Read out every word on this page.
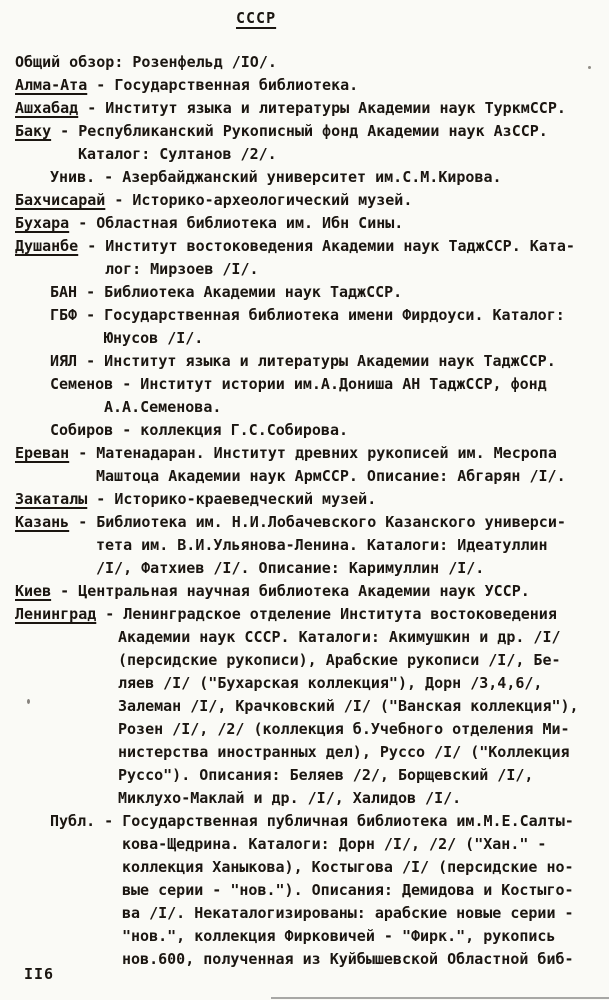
СССР
Общий обзор: Розенфельд /IO/.
Алма-Ата - Государственная библиотека.
Ашхабад - Институт языка и литературы Академии наук ТуркмССР.
Баку - Республиканский Рукописный фонд Академии наук АзССР.
Каталог: Султанов /2/.
Унив. - Азербайджанский университет им.С.М.Кирова.
Бахчисарай - Историко-археологический музей.
Бухара - Областная библиотека им. Ибн Сины.
Душанбе - Институт востоковедения Академии наук ТаджССР. Ката-
лог: Мирзоев /I/.
БАН - Библиотека Академии наук ТаджССР.
ГБФ - Государственная библиотека имени Фирдоуси. Каталог:
Юнусов /I/.
ИЯЛ - Институт языка и литературы Академии наук ТаджССР.
Семенов - Институт истории им.А.Дониша АН ТаджССР, фонд
А.А.Семенова.
Собиров - коллекция Г.С.Собирова.
Ереван - Матенадаран. Институт древних рукописей им. Месропа
Маштоца Академии наук АрмССР. Описание: Абгарян /I/.
Закаталы - Историко-краеведческий музей.
Казань - Библиотека им. Н.И.Лобачевского Казанского универси-
тета им. В.И.Ульянова-Ленина. Каталоги: Идеатуллин
/I/, Фатхиев /I/. Описание: Каримуллин /I/.
Киев - Центральная научная библиотека Академии наук УССР.
Ленинград - Ленинградское отделение Института востоковедения
Академии наук СССР. Каталоги: Акимушкин и др. /I/
(персидские рукописи), Арабские рукописи /I/, Бе-
ляев /I/ ("Бухарская коллекция"), Дорн /3,4,6/,
Залеман /I/, Крачковский /I/ ("Ванская коллекция"),
Розен /I/, /2/ (коллекция б.Учебного отделения Ми-
нистерства иностранных дел), Руссо /I/ ("Коллекция
Руссо"). Описания: Беляев /2/, Борщевский /I/,
Миклухо-Маклай и др. /I/, Халидов /I/.
Публ. - Государственная публичная библиотека им.М.Е.Салты-
кова-Щедрина. Каталоги: Дорн /I/, /2/ ("Хан." -
коллекция Ханыкова), Костыгова /I/ (персидские но-
вые серии - "нов."). Описания: Демидова и Костыго-
ва /I/. Некаталогизированы: арабские новые серии -
"нов.", коллекция Фирковичей - "Фирк.", рукопись
нов.600, полученная из Куйбышевской Областной биб-
II6
